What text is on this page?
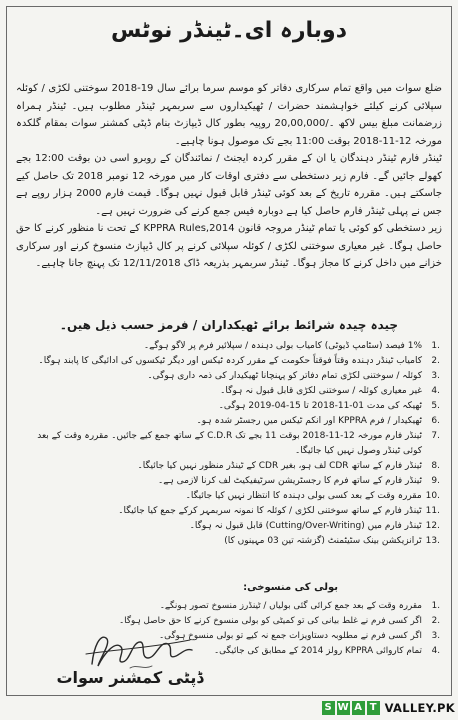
دوبارہ ای۔ٹینڈر نوٹس

ضلع سوات میں واقع تمام سرکاری دفاتر کو موسم سرما برائے سال 19-2018 سوختنی لکڑی / کوئلہ سپلائی کرنے کیلئے خواہشمند حضرات / ٹھیکیداروں سے سربمہر ٹینڈر مطلوب ہیں۔ ٹینڈر ہمراہ زرضمانت مبلغ بیس لاکھ ۔/20,00,000 روپیہ بطور کال ڈیپازٹ بنام ڈپٹی کمشنر سوات بمقام گلکدہ مورخہ 12-11-2018 بوقت 11:00 بجے تک موصول ہونا چاہیے۔

ٹینڈر فارم ٹینڈر دہندگان یا ان کے مقرر کردہ ایجنٹ / نمائندگان کے روبرو اسی دن بوقت 12:00 بجے کھولے جائیں گے۔ فارم زیر دستخطی سے دفتری اوقات کار میں مورخہ 12 نومبر 2018 تک حاصل کیے جاسکتے ہیں۔ مقررہ تاریخ کے بعد کوئی ٹینڈر قابل قبول نہیں ہوگا۔ قیمت فارم 2000 ہزار روپے ہے جس نے پہلی ٹینڈر فارم حاصل کیا ہے دوبارہ فیس جمع کرنے کی ضرورت نہیں ہے۔

زیر دستخطی کو کوئی یا تمام ٹینڈر مروجہ قانون KPPRA Rules,2014 کے تحت نا منظور کرنے کا حق حاصل ہوگا۔ غیر معیاری سوختنی لکڑی / کوئلہ سپلائی کرنے پر کال ڈیپازٹ منسوخ کرنے اور سرکاری خزانے میں داخل کرنے کا مجاز ہوگا۔ ٹینڈر سربمہر بذریعہ ڈاک 12/11/2018 تک پہنچ جانا چاہیے۔

چیدہ چیدہ شرائط برائے ٹھیکداران / فرمز حسب ذیل ھیں۔
1.
1% فیصد (سٹامپ ڈیوٹی) کامیاب بولی دہندہ / سپلائیر فرم پر لاگو ہوگے۔
2.
کامیاب ٹینڈر دہندہ وقتاً فوقتاً حکومت کے مقرر کردہ ٹیکس اور دیگر ٹیکسوں کی ادائیگی کا پابند ہوگا۔
3.
کوئلہ / سوختنی لکڑی تمام دفاتر کو پہنچانا ٹھیکیدار کی ذمہ داری ہوگی۔
4.
غیر معیاری کوئلہ / سوختنی لکڑی قابل قبول نہ ہوگا۔
5.
ٹھیکہ کی مدت 01-11-2018 تا 15-04-2019 ہوگی۔
6.
ٹھیکیدار / فرم KPPRA اور انکم ٹیکس میں رجسٹر شدہ ہو۔
7.
ٹینڈر فارم مورخہ 12-11-2018 بوقت 11 بجے تک C.D.R کے ساتھ جمع کیے جائیں۔ مقررہ وقت کے بعد کوئی ٹینڈر وصول نہیں کیا جائیگا۔
8.
ٹینڈر فارم کے ساتھ CDR لف ہو، بغیر CDR کے ٹینڈر منظور نہیں کیا جائیگا۔
9.
ٹینڈر فارم کے ساتھ فرم کا رجسٹریشن سرٹیفیکیٹ لف کرنا لازمی ہے۔
10.
مقررہ وقت کے بعد کسی بولی دہندہ کا انتظار نہیں کیا جائیگا۔
11.
ٹینڈر فارم کے ساتھ سوختنی لکڑی / کوئلہ کا نمونہ سربمہر کرکے جمع کیا جائیگا۔
12.
ٹینڈر فارم میں (Cutting/Over-Writing) قابل قبول نہ ہوگا۔
13.
ٹرانزیکشن بینک سٹیٹمنٹ (گزشتہ تین 03 مہینوں کا)
بولی کی منسوخی:
1.
مقررہ وقت کے بعد جمع کرائی گئی بولیاں / ٹینڈرز منسوخ تصور ہونگے۔
2.
اگر کسی فرم نے غلط بیانی کی تو کمیٹی کو بولی منسوخ کرنے کا حق حاصل ہوگا۔
3.
اگر کسی فرم نے مطلوبہ دستاویزات جمع نہ کیے تو بولی منسوخ ہوگی۔
4.
تمام کاروائی KPPRA رولز 2014 کے مطابق کی جائیگی۔
ڈپٹی کمشنر سوات
S W A T VALLEY.PK
